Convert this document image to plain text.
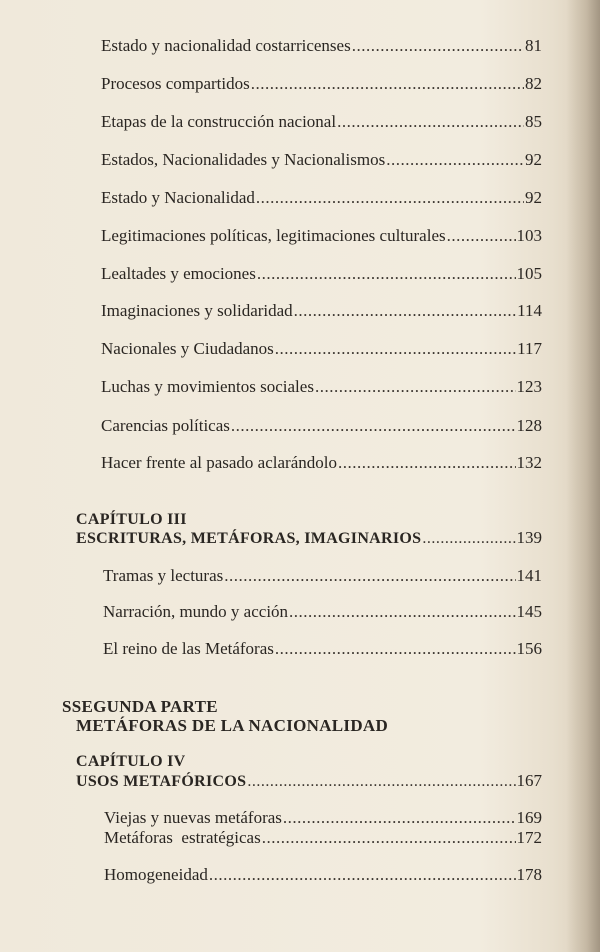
Estado y nacionalidad costarricenses .....	81
Procesos compartidos .....	82
Etapas de la construcción nacional .....	85
Estados, Nacionalidades y Nacionalismos .....	92
Estado y Nacionalidad .....	92
Legitimaciones políticas, legitimaciones culturales .....	103
Lealtades y emociones .....	105
Imaginaciones y solidaridad .....	114
Nacionales y Ciudadanos .....	117
Luchas y movimientos sociales .....	123
Carencias políticas .....	128
Hacer frente al pasado aclarándolo .....	132
CAPÍTULO III
ESCRITURAS, METÁFORAS, IMAGINARIOS .....	139
Tramas y lecturas .....	141
Narración, mundo y acción .....	145
El reino de las Metáforas .....	156
SSEGUNDA PARTE
METÁFORAS DE LA NACIONALIDAD
CAPÍTULO IV
USOS METAFÓRICOS .....	167
Viejas y nuevas metáforas .....	169
Metáforas  estratégicas .....	172
Homogeneidad .....	178
